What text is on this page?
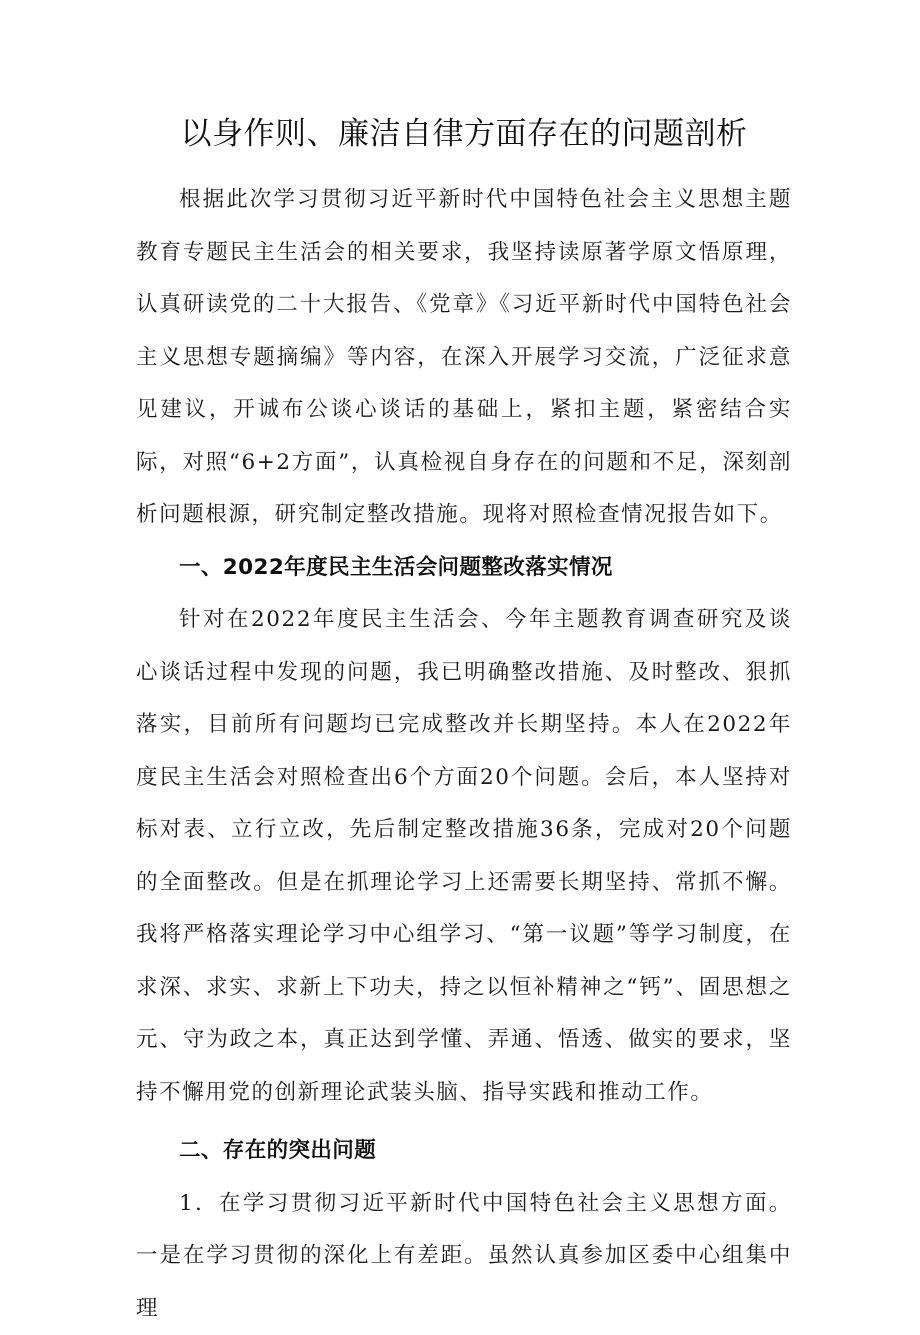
以身作则、廉洁自律方面存在的问题剖析

根据此次学习贯彻习近平新时代中国特色社会主义思想主题教育专题民主生活会的相关要求，我坚持读原著学原文悟原理，认真研读党的二十大报告、《党章》《习近平新时代中国特色社会主义思想专题摘编》等内容，在深入开展学习交流，广泛征求意见建议，开诚布公谈心谈话的基础上，紧扣主题，紧密结合实际，对照“6+2方面”，认真检视自身存在的问题和不足，深刻剖析问题根源，研究制定整改措施。现将对照检查情况报告如下。

一、2022年度民主生活会问题整改落实情况

针对在2022年度民主生活会、今年主题教育调查研究及谈心谈话过程中发现的问题，我已明确整改措施、及时整改、狠抓落实，目前所有问题均已完成整改并长期坚持。本人在2022年度民主生活会对照检查出6个方面20个问题。会后，本人坚持对标对表、立行立改，先后制定整改措施36条，完成对20个问题的全面整改。但是在抓理论学习上还需要长期坚持、常抓不懈。我将严格落实理论学习中心组学习、“第一议题”等学习制度，在求深、求实、求新上下功夫，持之以恒补精神之“钙”、固思想之元、守为政之本，真正达到学懂、弄通、悟透、做实的要求，坚持不懈用党的创新理论武装头脑、指导实践和推动工作。

二、存在的突出问题

1．在学习贯彻习近平新时代中国特色社会主义思想方面。一是在学习贯彻的深化上有差距。虽然认真参加区委中心组集中理
